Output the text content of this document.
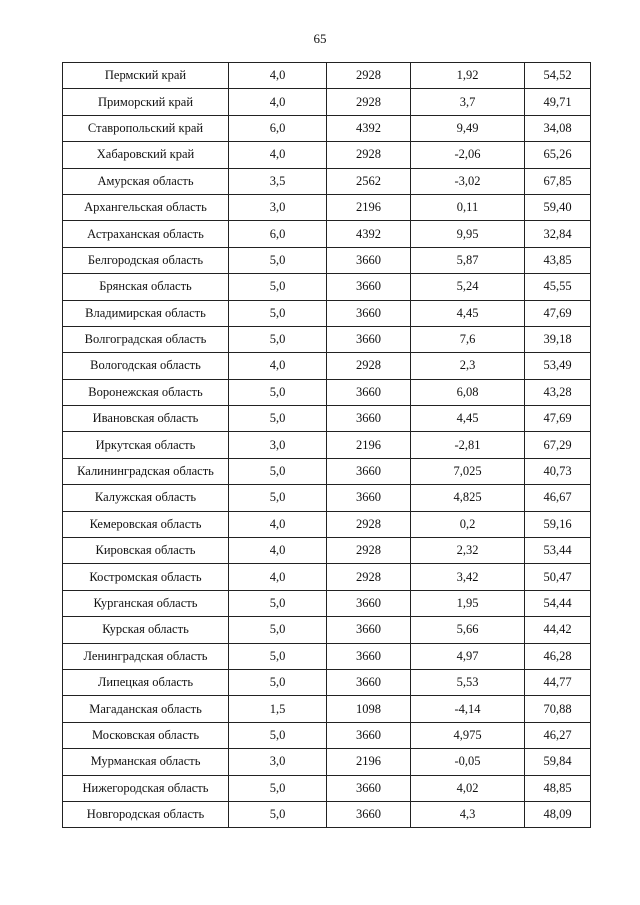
65
Пермский край	4,0	2928	1,92	54,52
Приморский край	4,0	2928	3,7	49,71
Ставропольский край	6,0	4392	9,49	34,08
Хабаровский край	4,0	2928	-2,06	65,26
Амурская область	3,5	2562	-3,02	67,85
Архангельская область	3,0	2196	0,11	59,40
Астраханская область	6,0	4392	9,95	32,84
Белгородская область	5,0	3660	5,87	43,85
Брянская область	5,0	3660	5,24	45,55
Владимирская область	5,0	3660	4,45	47,69
Волгоградская область	5,0	3660	7,6	39,18
Вологодская область	4,0	2928	2,3	53,49
Воронежская область	5,0	3660	6,08	43,28
Ивановская область	5,0	3660	4,45	47,69
Иркутская область	3,0	2196	-2,81	67,29
Калининградская область	5,0	3660	7,025	40,73
Калужская область	5,0	3660	4,825	46,67
Кемеровская область	4,0	2928	0,2	59,16
Кировская область	4,0	2928	2,32	53,44
Костромская область	4,0	2928	3,42	50,47
Курганская область	5,0	3660	1,95	54,44
Курская область	5,0	3660	5,66	44,42
Ленинградская область	5,0	3660	4,97	46,28
Липецкая область	5,0	3660	5,53	44,77
Магаданская область	1,5	1098	-4,14	70,88
Московская область	5,0	3660	4,975	46,27
Мурманская область	3,0	2196	-0,05	59,84
Нижегородская область	5,0	3660	4,02	48,85
Новгородская область	5,0	3660	4,3	48,09
